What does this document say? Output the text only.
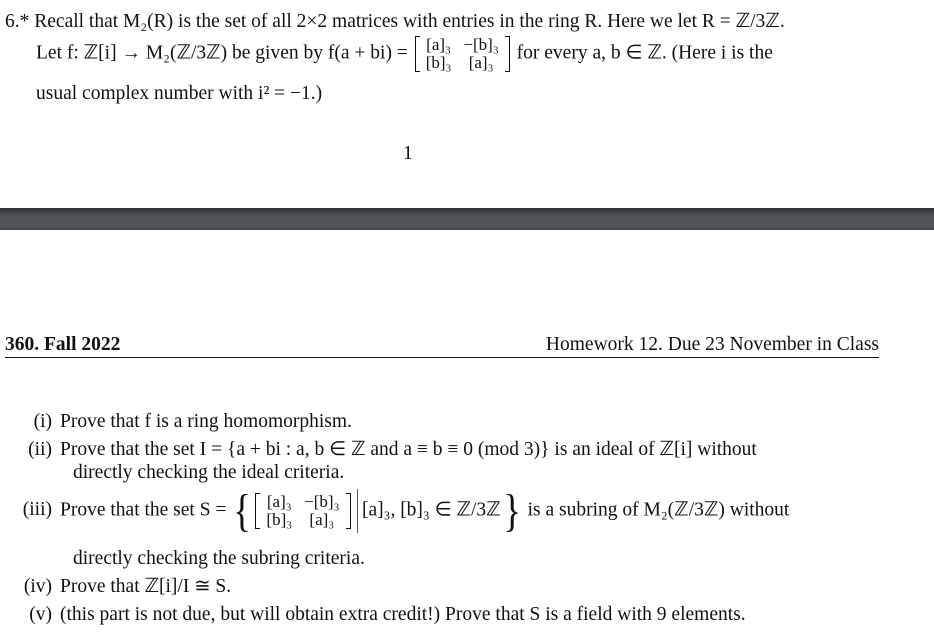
6.* Recall that M₂(R) is the set of all 2×2 matrices with entries in the ring R. Here we let R = ℤ/3ℤ.
Let f: ℤ[i] → M₂(ℤ/3ℤ) be given by f(a + bi) = [a]₃	−[b]₃
[b]₃	[a]₃ for every a, b ∈ ℤ. (Here i is the
usual complex number with i² = −1.)
1
360. Fall 2022	Homework 12. Due 23 November in Class
(i) Prove that f is a ring homomorphism.
(ii) Prove that the set I = {a + bi : a, b ∈ ℤ and a ≡ b ≡ 0 (mod 3)} is an ideal of ℤ[i] without
directly checking the ideal criteria.
(iii) Prove that the set S = { [a]₃	−[b]₃
[b]₃	[a]₃ [a]₃, [b]₃ ∈ ℤ/3ℤ} is a subring of M₂(ℤ/3ℤ) without
directly checking the subring criteria.
(iv) Prove that ℤ[i]/I ≅ S.
(v) (this part is not due, but will obtain extra credit!) Prove that S is a field with 9 elements.
